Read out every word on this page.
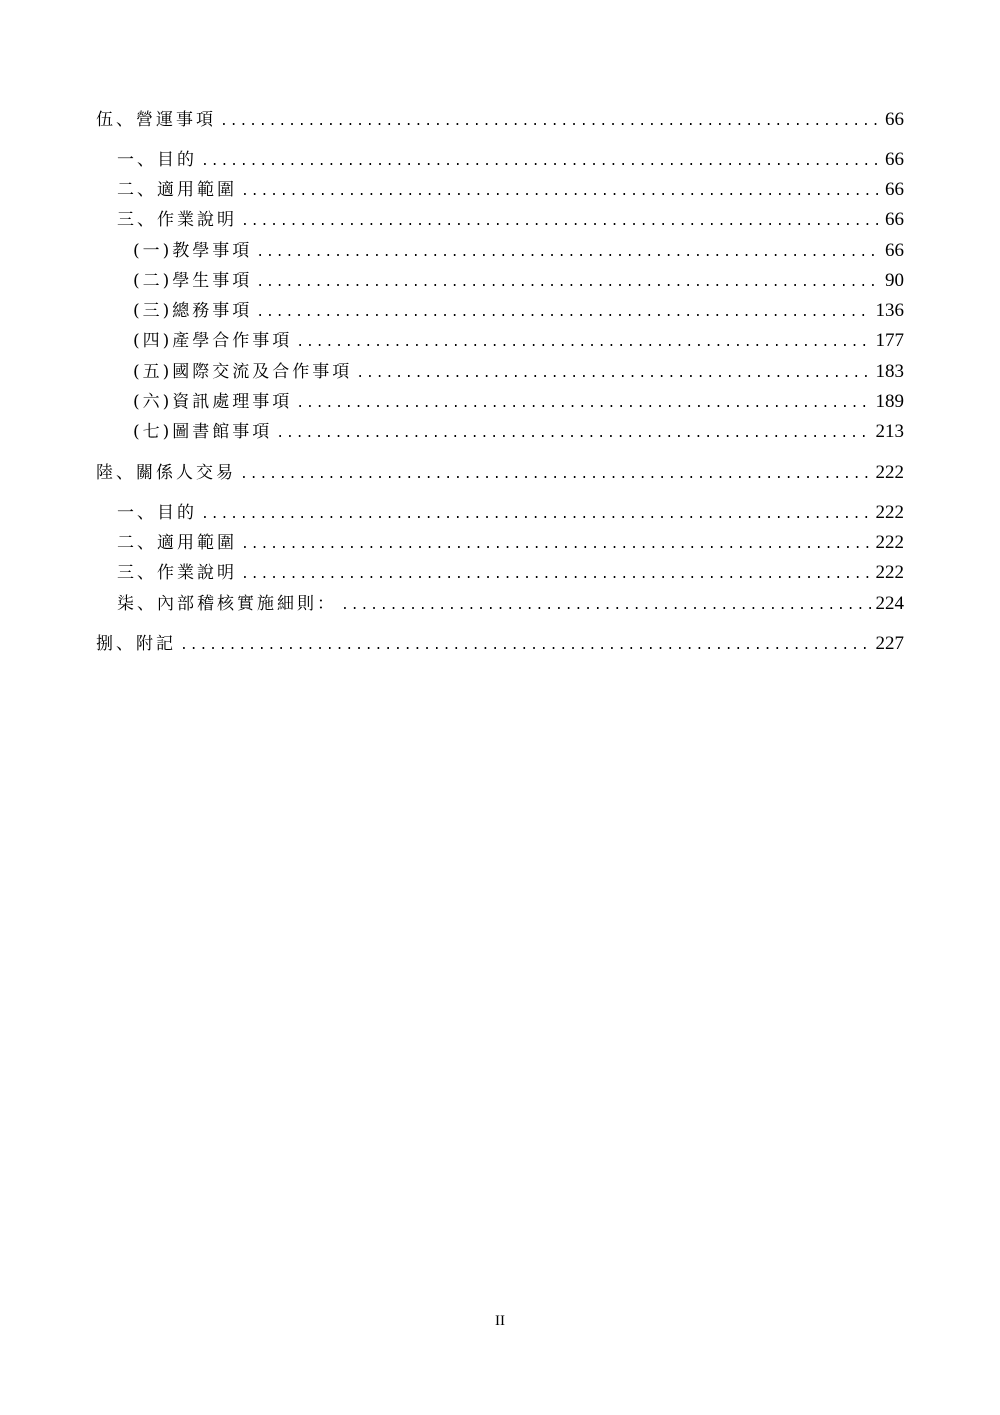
伍、營運事項 .....	66
一、目的 .....	66
二、適用範圍 .....	66
三、作業說明 .....	66
(一)教學事項 .....	66
(二)學生事項 .....	90
(三)總務事項 .....	136
(四)產學合作事項 .....	177
(五)國際交流及合作事項 .....	183
(六)資訊處理事項 .....	189
(七)圖書館事項 .....	213
陸、關係人交易 .....	222
一、目的 .....	222
二、適用範圍 .....	222
三、作業說明 .....	222
柒、內部稽核實施細則： .....	224
捌、附記 .....	227
II
